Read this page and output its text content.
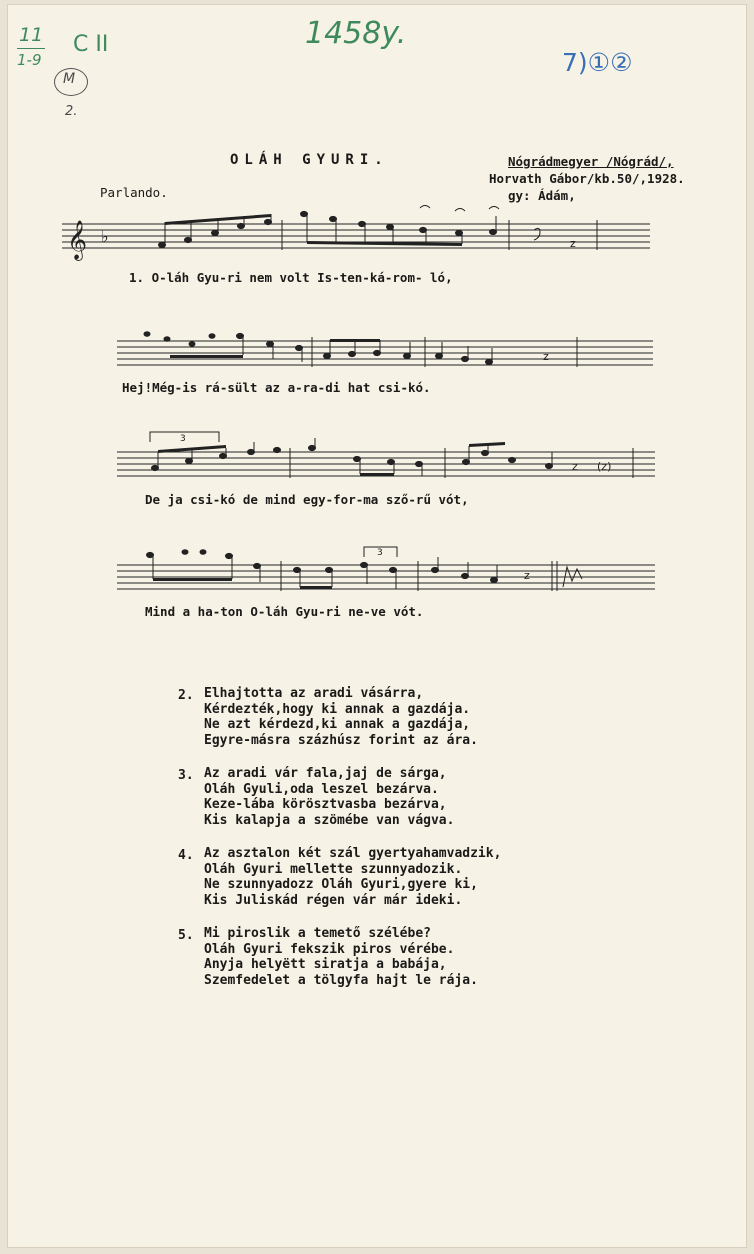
11
1-9
C II
M
2.
1458y.
7)①②
OLÁH GYURI.
Parlando.
Nógrádmegyer /Nógrád/,
Horvath Gábor/kb.50/,1928.
gy: Ádám,
𝄞 ♭	z
z
3
z (z)
3
z
1. O-láh Gyu-ri nem volt Is-ten-ká-rom- ló,
Hej!Még-is rá-sült az a-ra-di hat csi-kó.
De ja csi-kó de mind egy-for-ma sző-rű vót,
Mind a ha-ton O-láh Gyu-ri ne-ve vót.
2. Elhajtotta az aradi vásárra,
Kérdezték,hogy ki annak a gazdája.
Ne azt kérdezd,ki annak a gazdája,
Egyre-másra százhúsz forint az ára.
3. Az aradi vár fala,jaj de sárga,
Oláh Gyuli,oda leszel bezárva.
Keze-lába körösztvasba bezárva,
Kis kalapja a szömébe van vágva.
4. Az asztalon két szál gyertyahamvadzik,
Oláh Gyuri mellette szunnyadozik.
Ne szunnyadozz Oláh Gyuri,gyere ki,
Kis Juliskád régen vár már ideki.
5. Mi piroslik a temető szélébe?
Oláh Gyuri fekszik piros vérébe.
Anyja helyëtt siratja a babája,
Szemfedelet a tölgyfa hajt le rája.
